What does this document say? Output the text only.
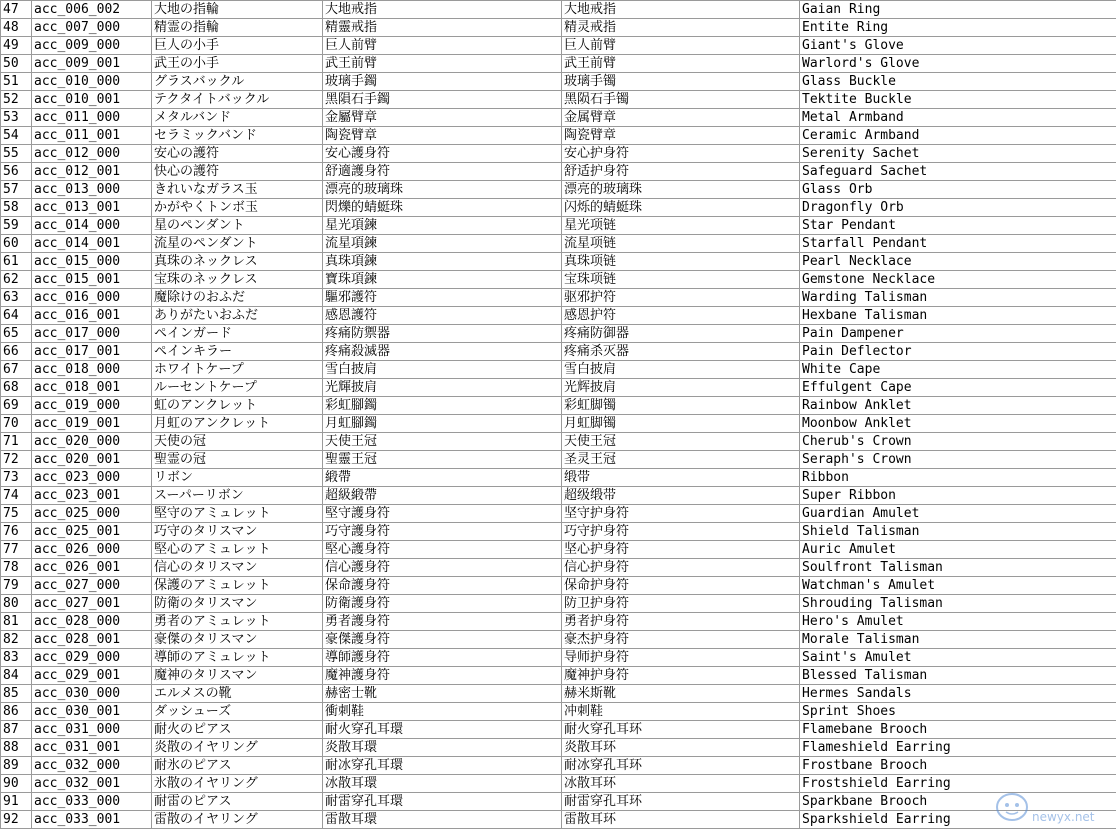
47	acc_006_002	大地の指輪	大地戒指	大地戒指	Gaian Ring
48	acc_007_000	精霊の指輪	精靈戒指	精灵戒指	Entite Ring
49	acc_009_000	巨人の小手	巨人前臂	巨人前臂	Giant's Glove
50	acc_009_001	武王の小手	武王前臂	武王前臂	Warlord's Glove
51	acc_010_000	グラスバックル	玻璃手鐲	玻璃手镯	Glass Buckle
52	acc_010_001	テクタイトバックル	黑隕石手鐲	黑陨石手镯	Tektite Buckle
53	acc_011_000	メタルバンド	金屬臂章	金属臂章	Metal Armband
54	acc_011_001	セラミックバンド	陶瓷臂章	陶瓷臂章	Ceramic Armband
55	acc_012_000	安心の護符	安心護身符	安心护身符	Serenity Sachet
56	acc_012_001	快心の護符	舒適護身符	舒适护身符	Safeguard Sachet
57	acc_013_000	きれいなガラス玉	漂亮的玻璃珠	漂亮的玻璃珠	Glass Orb
58	acc_013_001	かがやくトンボ玉	閃爍的蜻蜓珠	闪烁的蜻蜓珠	Dragonfly Orb
59	acc_014_000	星のペンダント	星光項鍊	星光项链	Star Pendant
60	acc_014_001	流星のペンダント	流星項鍊	流星项链	Starfall Pendant
61	acc_015_000	真珠のネックレス	真珠項鍊	真珠项链	Pearl Necklace
62	acc_015_001	宝珠のネックレス	寶珠項鍊	宝珠项链	Gemstone Necklace
63	acc_016_000	魔除けのおふだ	驅邪護符	驱邪护符	Warding Talisman
64	acc_016_001	ありがたいおふだ	感恩護符	感恩护符	Hexbane Talisman
65	acc_017_000	ペインガード	疼痛防禦器	疼痛防御器	Pain Dampener
66	acc_017_001	ペインキラー	疼痛殺滅器	疼痛杀灭器	Pain Deflector
67	acc_018_000	ホワイトケープ	雪白披肩	雪白披肩	White Cape
68	acc_018_001	ルーセントケープ	光輝披肩	光辉披肩	Effulgent Cape
69	acc_019_000	虹のアンクレット	彩虹腳鐲	彩虹脚镯	Rainbow Anklet
70	acc_019_001	月虹のアンクレット	月虹腳鐲	月虹脚镯	Moonbow Anklet
71	acc_020_000	天使の冠	天使王冠	天使王冠	Cherub's Crown
72	acc_020_001	聖霊の冠	聖靈王冠	圣灵王冠	Seraph's Crown
73	acc_023_000	リボン	緞帶	缎带	Ribbon
74	acc_023_001	スーパーリボン	超級緞帶	超级缎带	Super Ribbon
75	acc_025_000	堅守のアミュレット	堅守護身符	坚守护身符	Guardian Amulet
76	acc_025_001	巧守のタリスマン	巧守護身符	巧守护身符	Shield Talisman
77	acc_026_000	堅心のアミュレット	堅心護身符	坚心护身符	Auric Amulet
78	acc_026_001	信心のタリスマン	信心護身符	信心护身符	Soulfront Talisman
79	acc_027_000	保護のアミュレット	保命護身符	保命护身符	Watchman's Amulet
80	acc_027_001	防衛のタリスマン	防衛護身符	防卫护身符	Shrouding Talisman
81	acc_028_000	勇者のアミュレット	勇者護身符	勇者护身符	Hero's Amulet
82	acc_028_001	豪傑のタリスマン	豪傑護身符	豪杰护身符	Morale Talisman
83	acc_029_000	導師のアミュレット	導師護身符	导师护身符	Saint's Amulet
84	acc_029_001	魔神のタリスマン	魔神護身符	魔神护身符	Blessed Talisman
85	acc_030_000	エルメスの靴	赫密士靴	赫米斯靴	Hermes Sandals
86	acc_030_001	ダッシューズ	衝刺鞋	冲刺鞋	Sprint Shoes
87	acc_031_000	耐火のピアス	耐火穿孔耳環	耐火穿孔耳环	Flamebane Brooch
88	acc_031_001	炎散のイヤリング	炎散耳環	炎散耳环	Flameshield Earring
89	acc_032_000	耐氷のピアス	耐冰穿孔耳環	耐冰穿孔耳环	Frostbane Brooch
90	acc_032_001	氷散のイヤリング	冰散耳環	冰散耳环	Frostshield Earring
91	acc_033_000	耐雷のピアス	耐雷穿孔耳環	耐雷穿孔耳环	Sparkbane Brooch
92	acc_033_001	雷散のイヤリング	雷散耳環	雷散耳环	Sparkshield Earring	newyx.net
